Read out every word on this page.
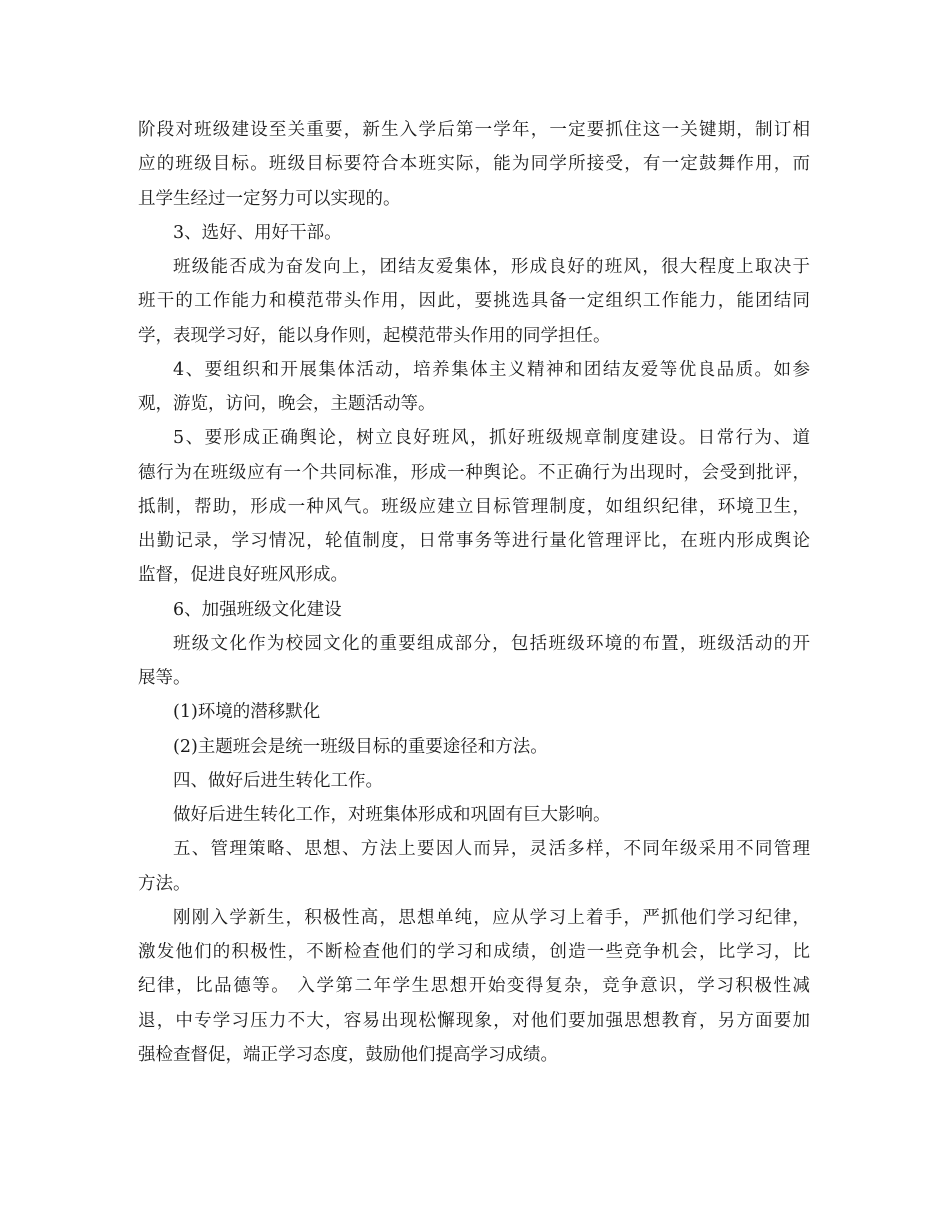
阶段对班级建设至关重要，新生入学后第一学年，一定要抓住这一关键期，制订相
应的班级目标。班级目标要符合本班实际，能为同学所接受，有一定鼓舞作用，而
且学生经过一定努力可以实现的。
3、选好、用好干部。
班级能否成为奋发向上，团结友爱集体，形成良好的班风，很大程度上取决于
班干的工作能力和模范带头作用，因此，要挑选具备一定组织工作能力，能团结同
学，表现学习好，能以身作则，起模范带头作用的同学担任。
4、要组织和开展集体活动，培养集体主义精神和团结友爱等优良品质。如参
观，游览，访问，晚会，主题活动等。
5、要形成正确舆论，树立良好班风，抓好班级规章制度建设。日常行为、道
德行为在班级应有一个共同标准，形成一种舆论。不正确行为出现时，会受到批评，
抵制，帮助，形成一种风气。班级应建立目标管理制度，如组织纪律，环境卫生，
出勤记录，学习情况，轮值制度，日常事务等进行量化管理评比，在班内形成舆论
监督，促进良好班风形成。
6、加强班级文化建设
班级文化作为校园文化的重要组成部分，包括班级环境的布置，班级活动的开
展等。
(1)环境的潜移默化
(2)主题班会是统一班级目标的重要途径和方法。
四、做好后进生转化工作。
做好后进生转化工作，对班集体形成和巩固有巨大影响。
五、管理策略、思想、方法上要因人而异，灵活多样，不同年级采用不同管理
方法。
刚刚入学新生，积极性高，思想单纯，应从学习上着手，严抓他们学习纪律，
激发他们的积极性，不断检查他们的学习和成绩，创造一些竞争机会，比学习，比
纪律，比品德等。 入学第二年学生思想开始变得复杂，竞争意识，学习积极性减
退，中专学习压力不大，容易出现松懈现象，对他们要加强思想教育，另方面要加
强检查督促，端正学习态度，鼓励他们提高学习成绩。
